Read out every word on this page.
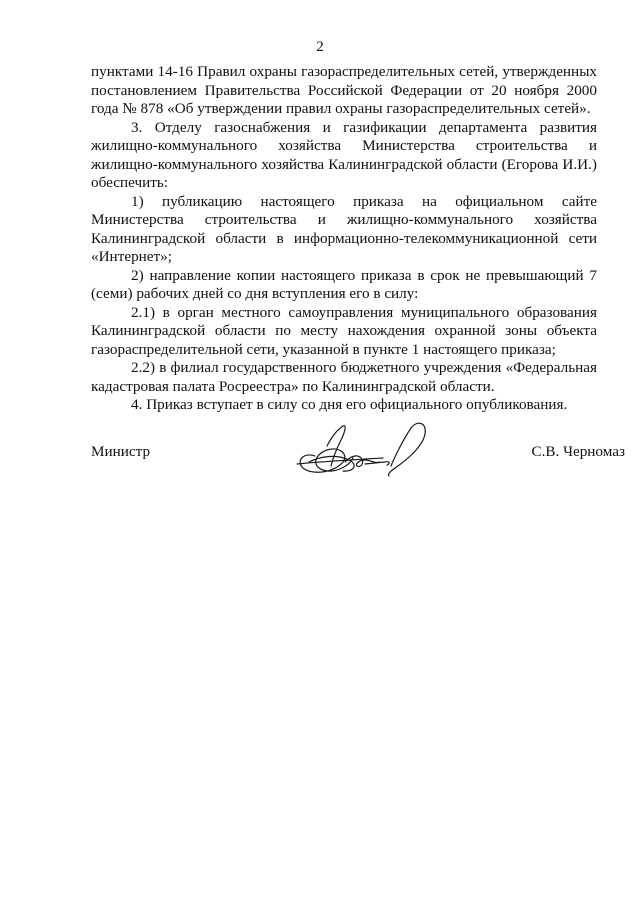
2

пунктами 14-16 Правил охраны газораспределительных сетей, утвержденных постановлением Правительства Российской Федерации от 20 ноября 2000 года № 878 «Об утверждении правил охраны газораспределительных сетей».

3. Отделу газоснабжения и газификации департамента развития жилищно-коммунального хозяйства Министерства строительства и жилищно-коммунального хозяйства Калининградской области (Егорова И.И.) обеспечить:

1) публикацию настоящего приказа на официальном сайте Министерства строительства и жилищно-коммунального хозяйства Калининградской области в информационно-телекоммуникационной сети «Интернет»;

2) направление копии настоящего приказа в срок не превышающий 7 (семи) рабочих дней со дня вступления его в силу:

2.1) в орган местного самоуправления муниципального образования Калининградской области по месту нахождения охранной зоны объекта газораспределительной сети, указанной в пункте 1 настоящего приказа;

2.2) в филиал государственного бюджетного учреждения «Федеральная кадастровая палата Росреестра» по Калининградской области.

4. Приказ вступает в силу со дня его официального опубликования.

Министр	С.В. Черномаз
